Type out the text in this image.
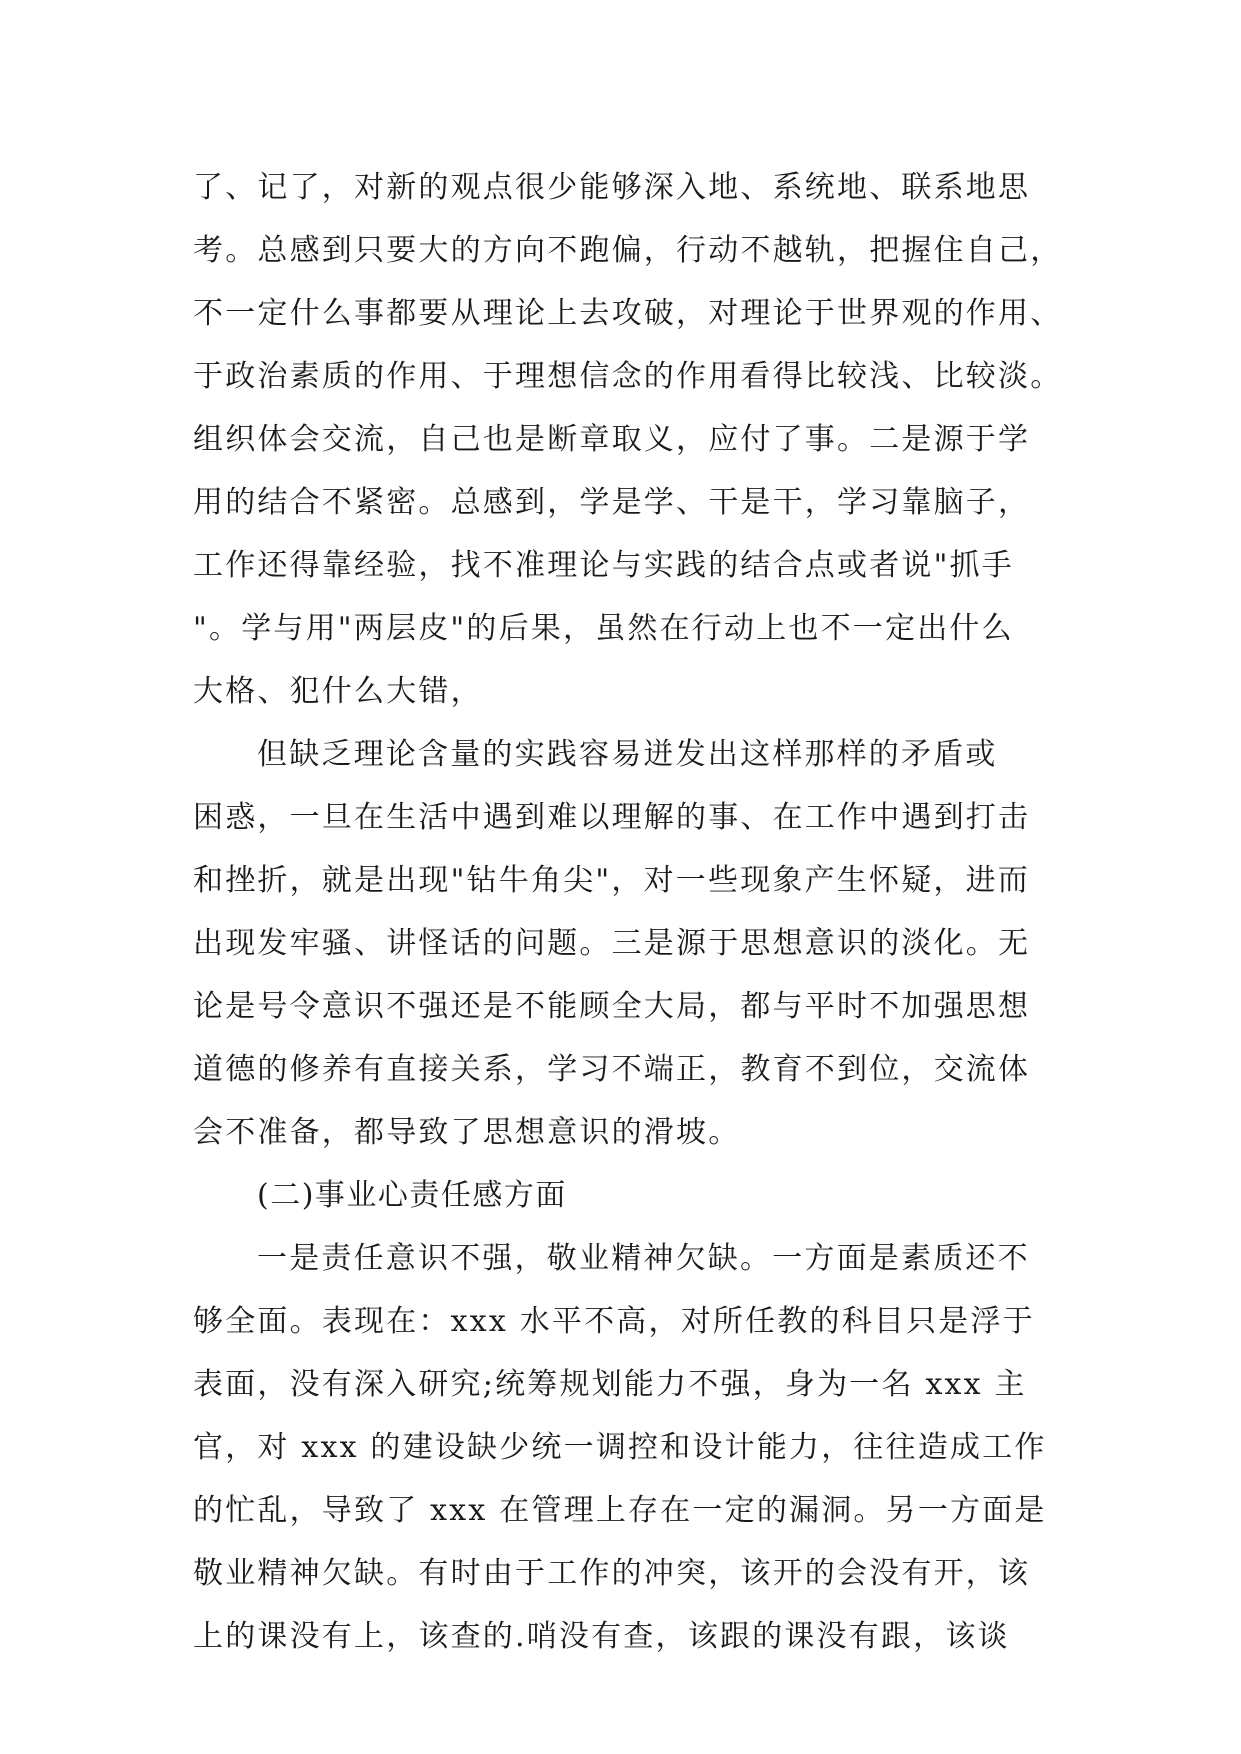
了、记了，对新的观点很少能够深入地、系统地、联系地思
考。总感到只要大的方向不跑偏，行动不越轨，把握住自己，
不一定什么事都要从理论上去攻破，对理论于世界观的作用、
于政治素质的作用、于理想信念的作用看得比较浅、比较淡。
组织体会交流，自己也是断章取义，应付了事。二是源于学
用的结合不紧密。总感到，学是学、干是干，学习靠脑子，
工作还得靠经验，找不准理论与实践的结合点或者说"抓手
"。学与用"两层皮"的后果，虽然在行动上也不一定出什么
大格、犯什么大错，
但缺乏理论含量的实践容易迸发出这样那样的矛盾或
困惑，一旦在生活中遇到难以理解的事、在工作中遇到打击
和挫折，就是出现"钻牛角尖"，对一些现象产生怀疑，进而
出现发牢骚、讲怪话的问题。三是源于思想意识的淡化。无
论是号令意识不强还是不能顾全大局，都与平时不加强思想
道德的修养有直接关系，学习不端正，教育不到位，交流体
会不准备，都导致了思想意识的滑坡。
(二)事业心责任感方面
一是责任意识不强，敬业精神欠缺。一方面是素质还不
够全面。表现在：xxx 水平不高，对所任教的科目只是浮于
表面，没有深入研究;统筹规划能力不强，身为一名 xxx 主
官，对 xxx 的建设缺少统一调控和设计能力，往往造成工作
的忙乱，导致了 xxx 在管理上存在一定的漏洞。另一方面是
敬业精神欠缺。有时由于工作的冲突，该开的会没有开，该
上的课没有上，该查的.哨没有查，该跟的课没有跟，该谈
